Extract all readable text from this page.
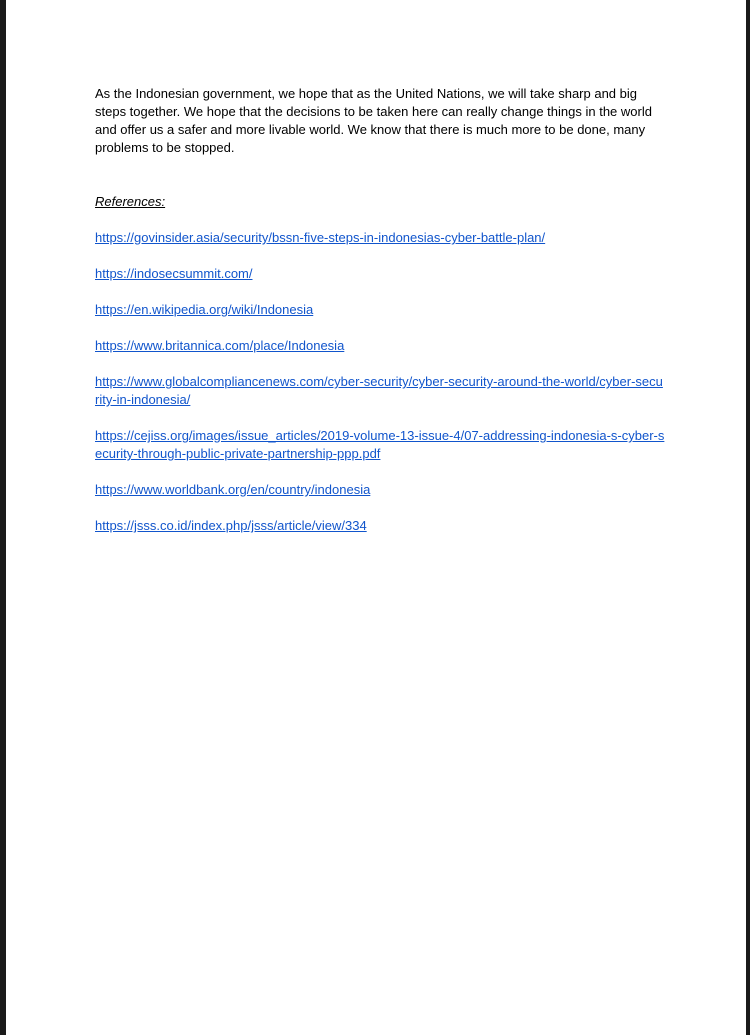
As the Indonesian government, we hope that as the United Nations, we will take sharp and big steps together. We hope that the decisions to be taken here can really change things in the world and offer us a safer and more livable world. We know that there is much more to be done, many problems to be stopped.

References:

https://govinsider.asia/security/bssn-five-steps-in-indonesias-cyber-battle-plan/
https://indosecsummit.com/
https://en.wikipedia.org/wiki/Indonesia
https://www.britannica.com/place/Indonesia
https://www.globalcompliancenews.com/cyber-security/cyber-security-around-the-world/cyber-security-in-indonesia/
https://cejiss.org/images/issue_articles/2019-volume-13-issue-4/07-addressing-indonesia-s-cyber-security-through-public-private-partnership-ppp.pdf
https://www.worldbank.org/en/country/indonesia
https://jsss.co.id/index.php/jsss/article/view/334
